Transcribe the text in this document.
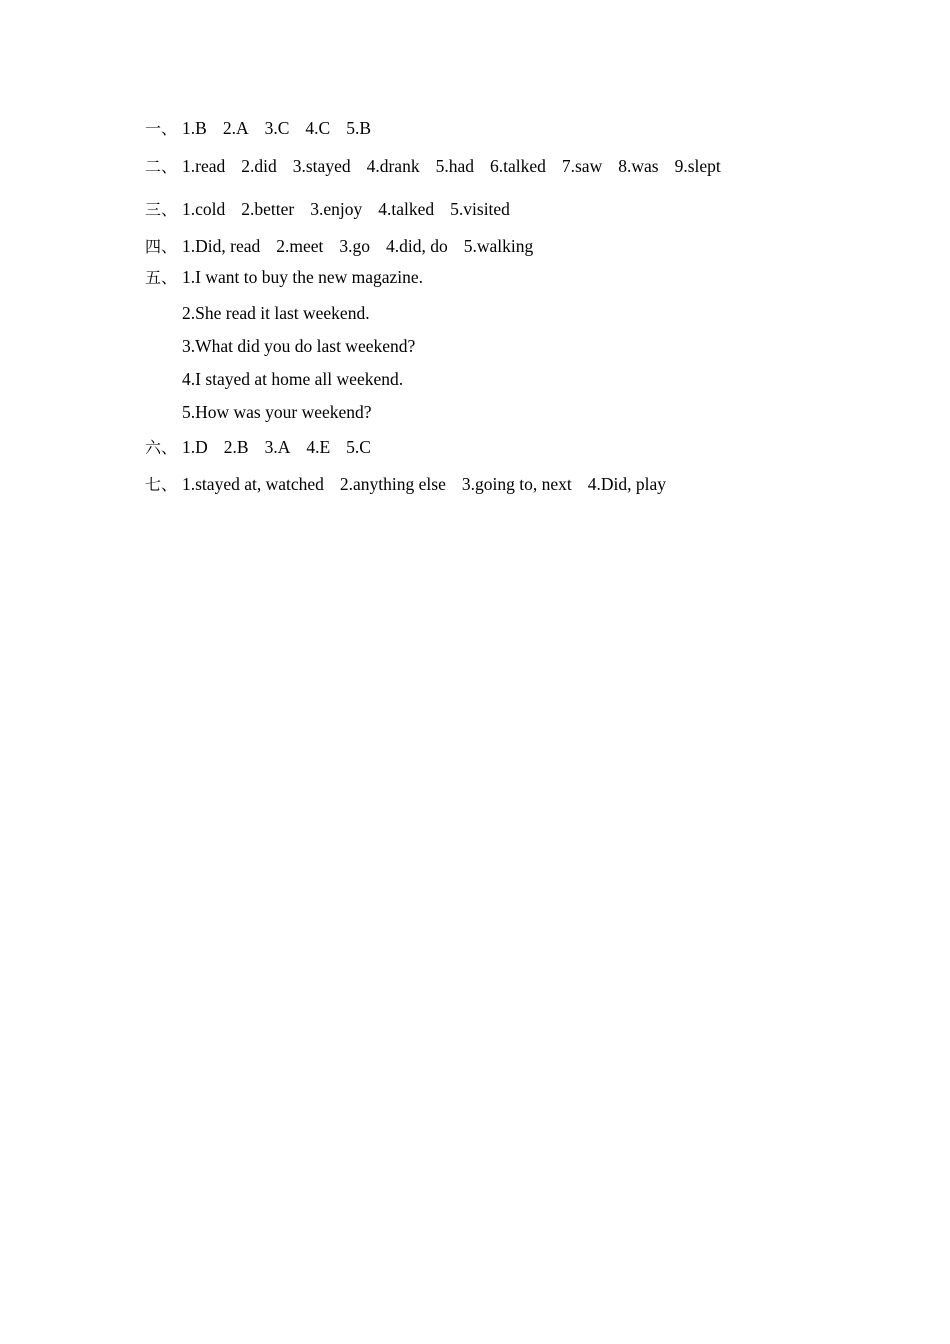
一、 1.B 2.A 3.C 4.C 5.B
二、 1.read 2.did 3.stayed 4.drank 5.had 6.talked 7.saw 8.was 9.slept
三、 1.cold 2.better 3.enjoy 4.talked 5.visited
四、 1.Did, read 2.meet 3.go 4.did, do 5.walking
五、 1.I want to buy the new magazine.
2.She read it last weekend.
3.What did you do last weekend?
4.I stayed at home all weekend.
5.How was your weekend?
六、 1.D 2.B 3.A 4.E 5.C
七、 1.stayed at, watched 2.anything else 3.going to, next 4.Did, play
